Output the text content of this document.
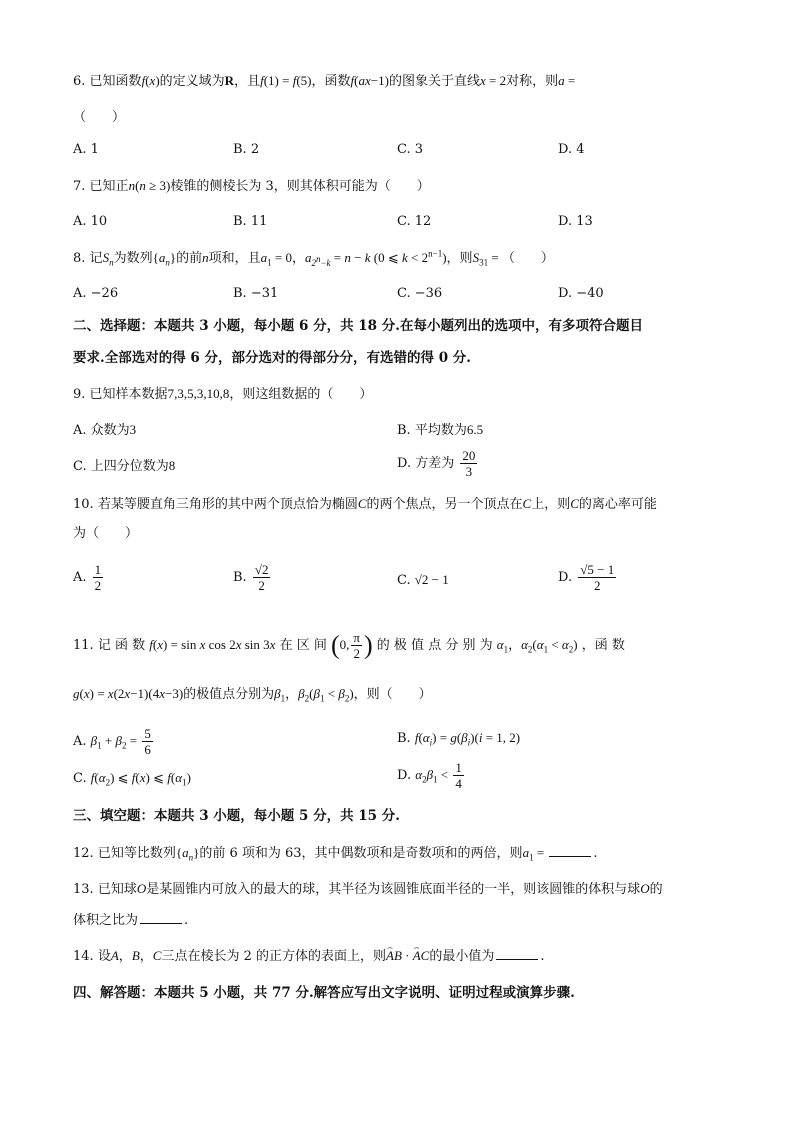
6. 已知函数f(x)的定义域为R，且f(1) = f(5)，函数f(ax−1)的图象关于直线x = 2对称，则a =
（　　）
A. 1	B. 2	C. 3	D. 4
7. 已知正n(n ≥ 3)棱锥的侧棱长为 3，则其体积可能为（　　）
A. 10	B. 11	C. 12	D. 13
8. 记$S_n$为数列$\{a_n\}$的前n项和，且$a_1 = 0$，$a_{2^n-k} = n - k$ (0 ⩽ $k < 2^{n-1}$)，则$S_{31}$ = （　　）
A. −26	B. −31	C. −36	D. −40
二、选择题：本题共 3 小题，每小题 6 分，共 18 分.在每小题列出的选项中，有多项符合题目
要求.全部选对的得 6 分，部分选对的得部分分，有选错的得 0 分.
9. 已知样本数据7,3,5,3,10,8，则这组数据的（　　）
A. 众数为3	B. 平均数为6.5
C. 上四分位数为8	D. 方差为 $\frac{20}{3}$
10. 若某等腰直角三角形的其中两个顶点恰为椭圆C的两个焦点，另一个顶点在C上，则C的离心率可能
为（　　）
A. $\frac{1}{2}$	B. $\frac{√2}{2}$	C. √2 − 1	D. $\frac{√5 - 1}{2}$
11. 记 函 数 f(x) = sin x cos 2x sin 3x 在 区 间 (0, $\frac{\pi}{2}$ ) 的 极 值 点 分 别 为 $\alpha_1$，$\alpha_2(\alpha_1 < \alpha_2)$ ，函 数
g(x) = x(2x−1)(4x−3)的极值点分别为$\beta_1$，$\beta_2(\beta_1 < \beta_2)$，则（　　）
A. $\beta_1 + \beta_2 = \frac{5}{6}$	B. $f(\alpha_i) = g(\beta_i)(i = 1$, 2)
C. $f(\alpha_2)$ ⩽ f(x) ⩽ $f(\alpha_1)$	D. $\alpha_2\beta_1 < \frac{1}{4}$
三、填空题：本题共 3 小题，每小题 5 分，共 15 分.
12. 已知等比数列$\{a_n\}$的前 6 项和为 63，其中偶数项和是奇数项和的两倍，则$a_1$ =	.
13. 已知球O是某圆锥内可放入的最大的球，其半径为该圆锥底面半径的一半，则该圆锥的体积与球O的
体积之比为	.
14. 设A，B，C三点在棱长为 2 的正方体的表面上，则⌢ AB · ⌢ AC的最小值为	.
四、解答题：本题共 5 小题，共 77 分.解答应写出文字说明、证明过程或演算步骤.
